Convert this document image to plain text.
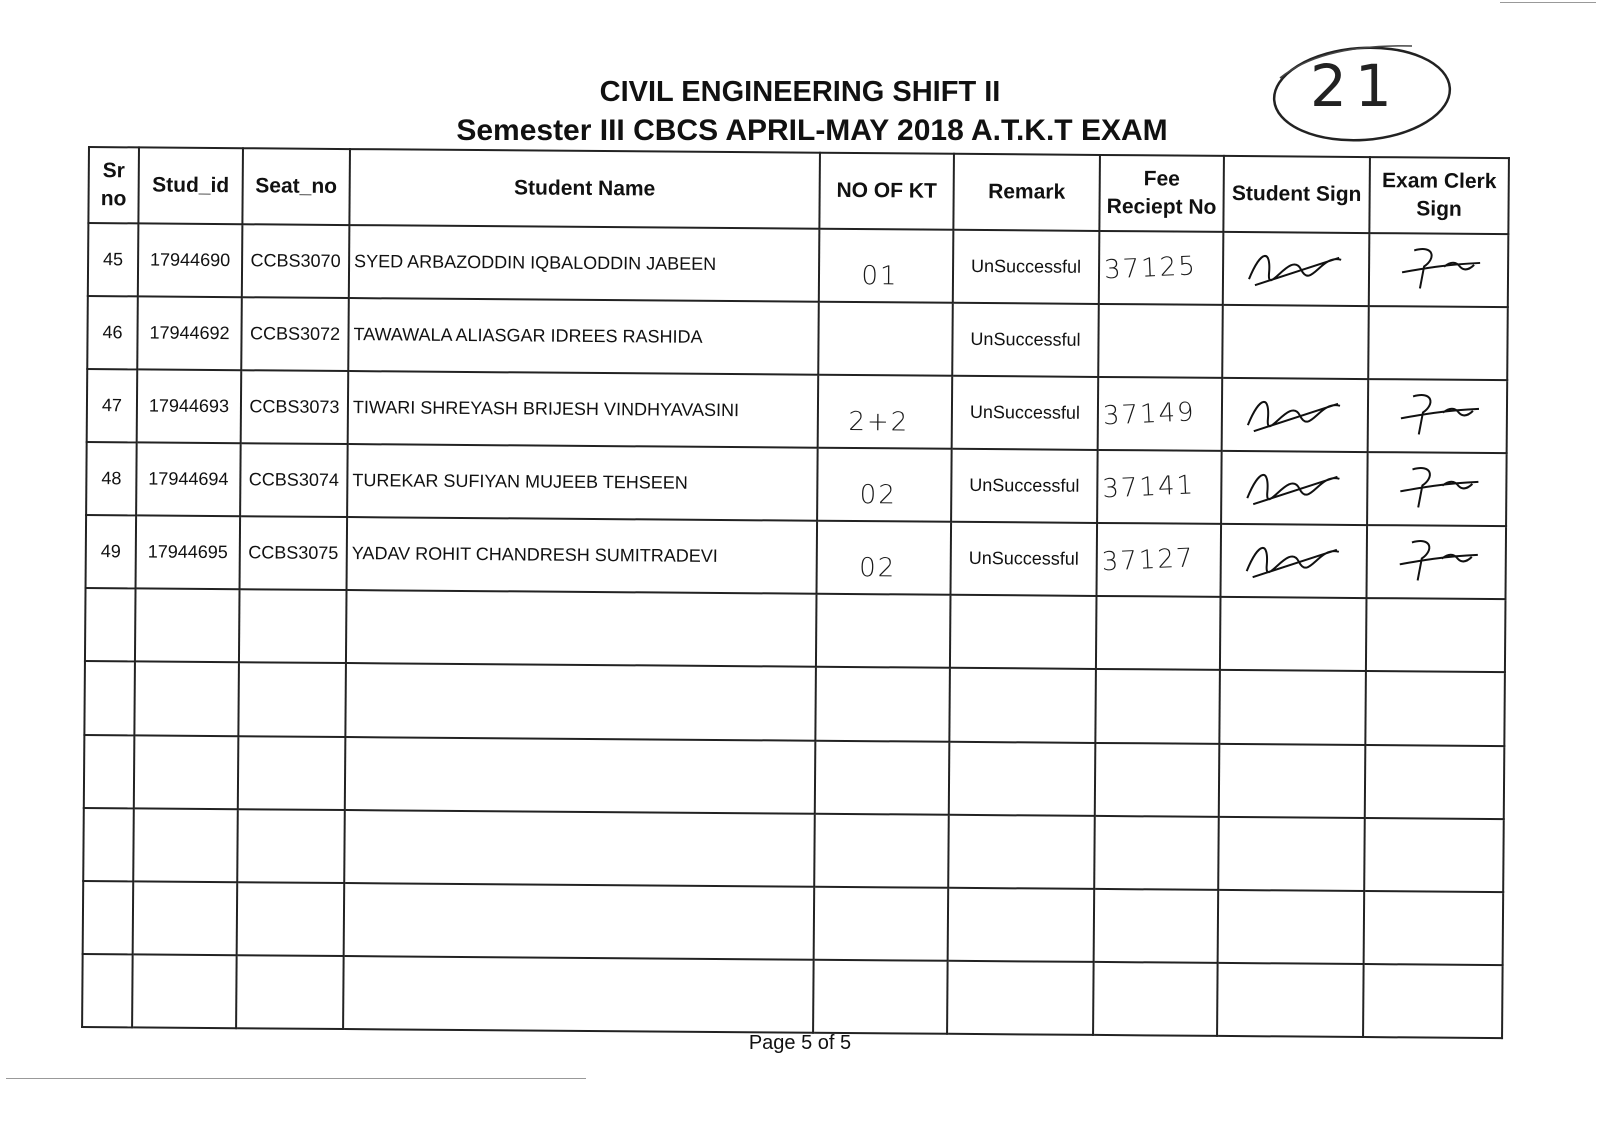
CIVIL ENGINEERING SHIFT II
Semester III CBCS APRIL-MAY 2018 A.T.K.T EXAM
21
Sr no	Stud_id	Seat_no	Student Name	NO OF KT	Remark	Fee Reciept No	Student Sign	Exam Clerk Sign
45	17944690	CCBS3070	SYED ARBAZODDIN IQBALODDIN JABEEN	01	UnSuccessful	37125		
46	17944692	CCBS3072	TAWAWALA ALIASGAR IDREES RASHIDA		UnSuccessful			
47	17944693	CCBS3073	TIWARI SHREYASH BRIJESH VINDHYAVASINI	2+2	UnSuccessful	37149		
48	17944694	CCBS3074	TUREKAR SUFIYAN MUJEEB TEHSEEN	02	UnSuccessful	37141		
49	17944695	CCBS3075	YADAV ROHIT CHANDRESH SUMITRADEVI	02	UnSuccessful	37127		

Page 5 of 5
